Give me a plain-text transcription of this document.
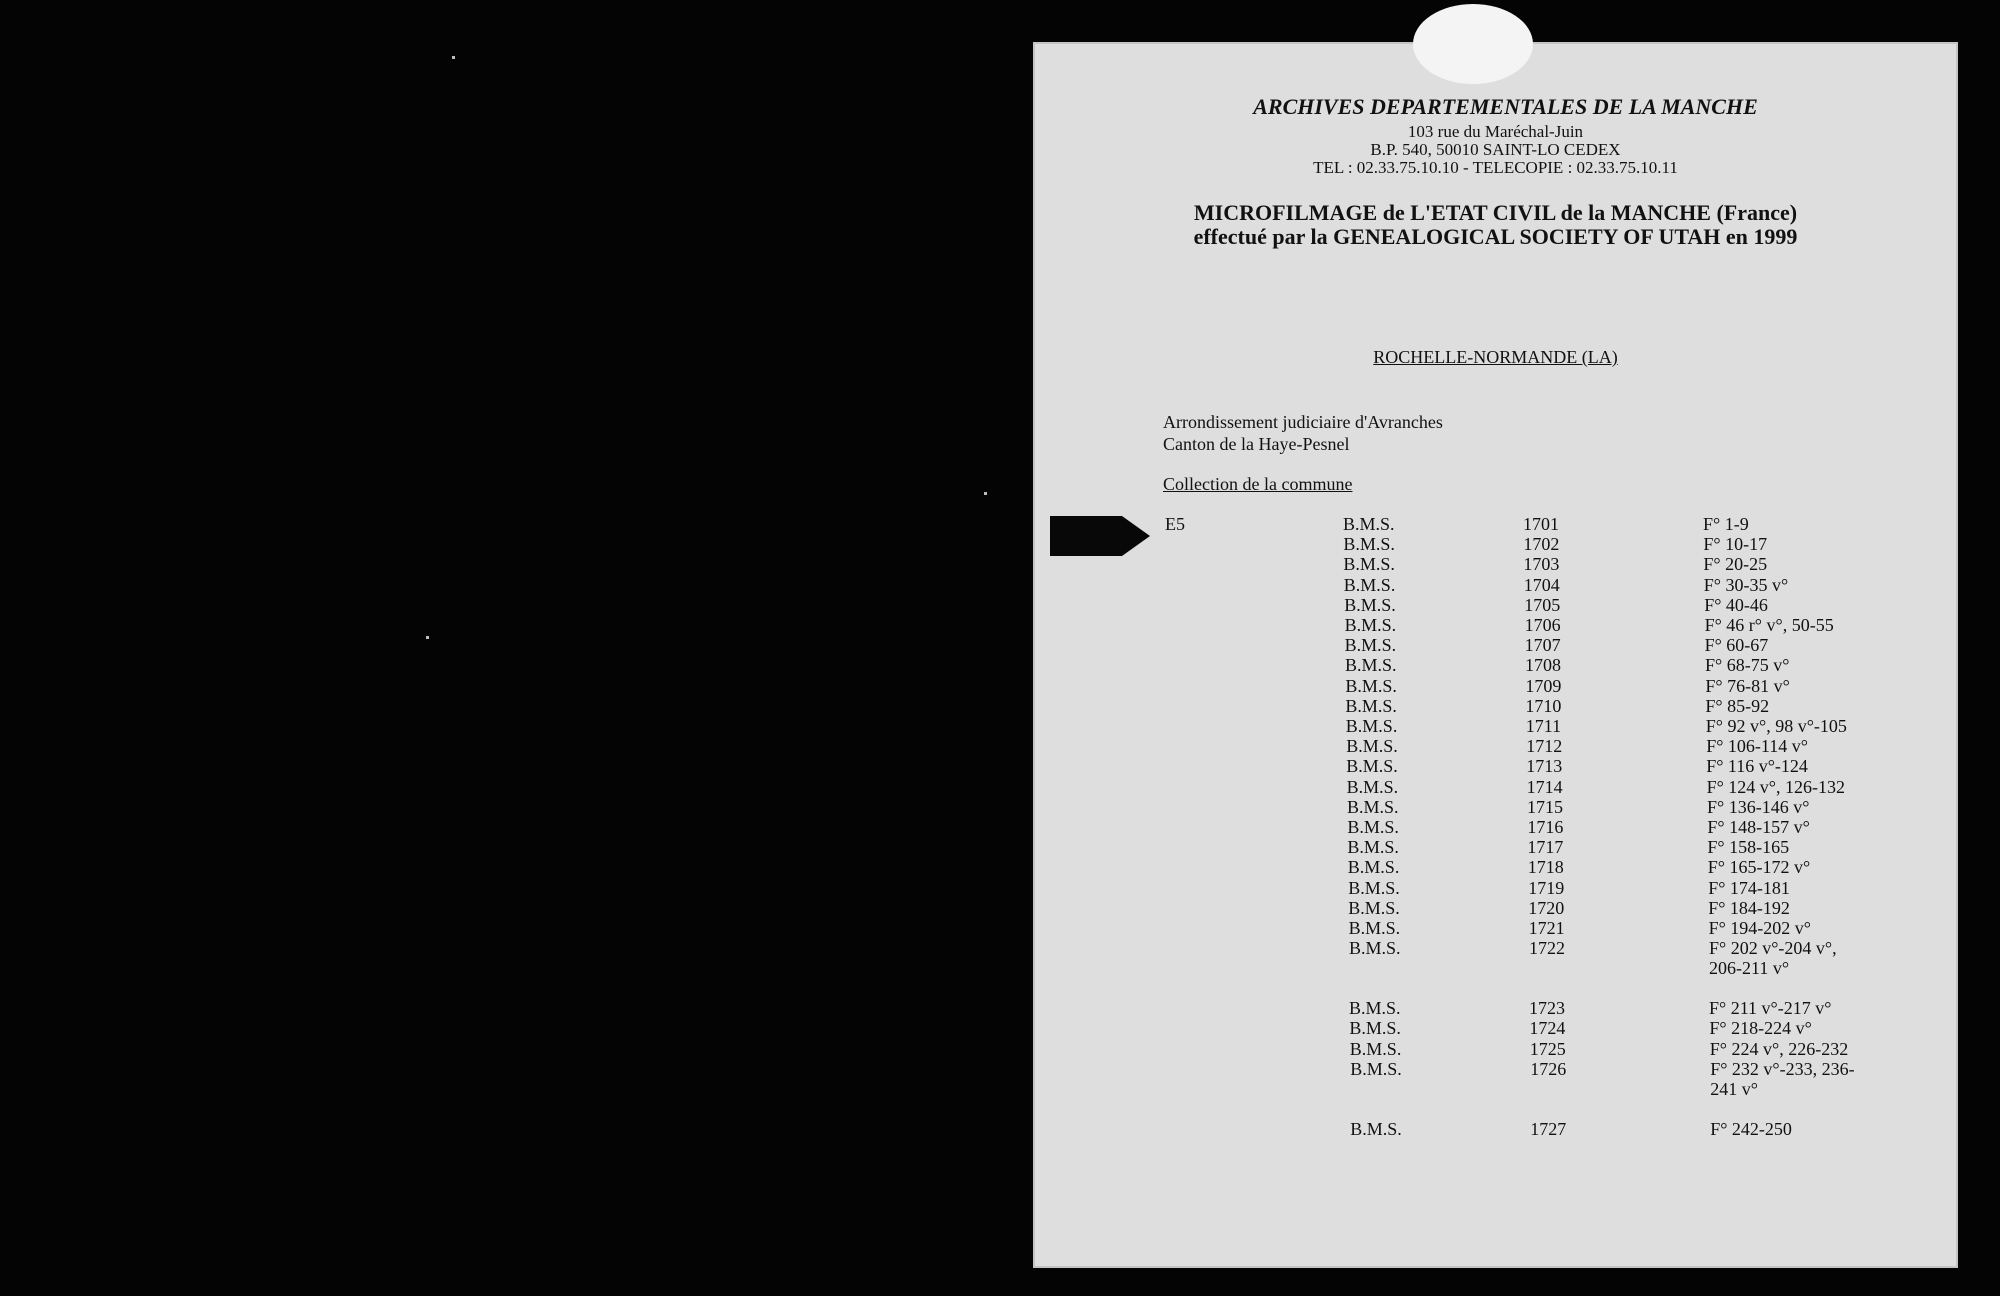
ARCHIVES DEPARTEMENTALES DE LA MANCHE
103 rue du Maréchal-Juin
B.P. 540, 50010 SAINT-LO CEDEX
TEL : 02.33.75.10.10 - TELECOPIE : 02.33.75.10.11
MICROFILMAGE de L'ETAT CIVIL de la MANCHE (France)
effectué par la GENEALOGICAL SOCIETY OF UTAH en 1999
ROCHELLE-NORMANDE (LA)
Arrondissement judiciaire d'Avranches
Canton de la Haye-Pesnel
Collection de la commune
E5	B.M.S.	1701	F° 1-9
B.M.S.	1702	F° 10-17
B.M.S.	1703	F° 20-25
B.M.S.	1704	F° 30-35 v°
B.M.S.	1705	F° 40-46
B.M.S.	1706	F° 46 r° v°, 50-55
B.M.S.	1707	F° 60-67
B.M.S.	1708	F° 68-75 v°
B.M.S.	1709	F° 76-81 v°
B.M.S.	1710	F° 85-92
B.M.S.	1711	F° 92 v°, 98 v°-105
B.M.S.	1712	F° 106-114 v°
B.M.S.	1713	F° 116 v°-124
B.M.S.	1714	F° 124 v°, 126-132
B.M.S.	1715	F° 136-146 v°
B.M.S.	1716	F° 148-157 v°
B.M.S.	1717	F° 158-165
B.M.S.	1718	F° 165-172 v°
B.M.S.	1719	F° 174-181
B.M.S.	1720	F° 184-192
B.M.S.	1721	F° 194-202 v°
B.M.S.	1722	F° 202 v°-204 v°,
206-211 v°
B.M.S.	1723	F° 211 v°-217 v°
B.M.S.	1724	F° 218-224 v°
B.M.S.	1725	F° 224 v°, 226-232
B.M.S.	1726	F° 232 v°-233, 236-
241 v°
B.M.S.	1727	F° 242-250
